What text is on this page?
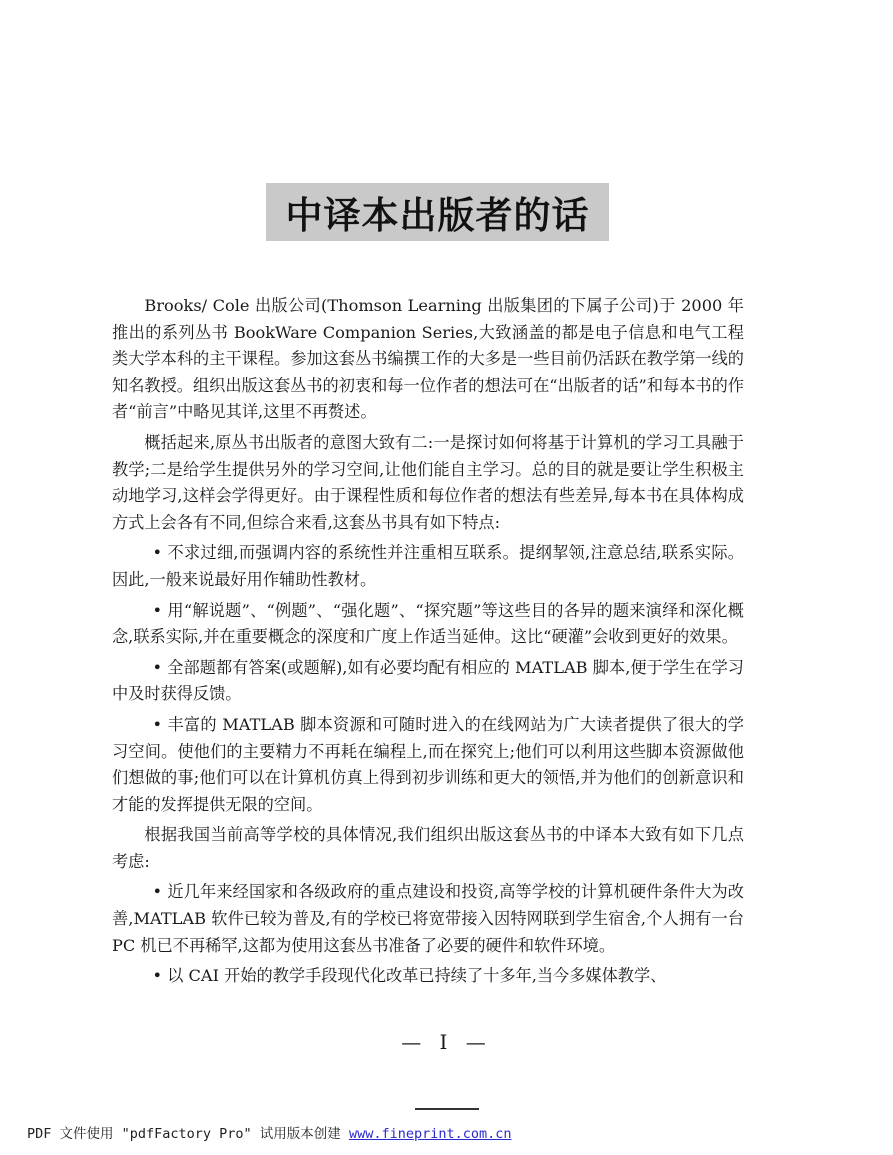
中译本出版者的话

Brooks/ Cole 出版公司(Thomson Learning 出版集团的下属子公司)于 2000 年推出的系列丛书 BookWare Companion Series,大致涵盖的都是电子信息和电气工程类大学本科的主干课程。参加这套丛书编撰工作的大多是一些目前仍活跃在教学第一线的知名教授。组织出版这套丛书的初衷和每一位作者的想法可在“出版者的话”和每本书的作者“前言”中略见其详,这里不再赘述。

概括起来,原丛书出版者的意图大致有二:一是探讨如何将基于计算机的学习工具融于教学;二是给学生提供另外的学习空间,让他们能自主学习。总的目的就是要让学生积极主动地学习,这样会学得更好。由于课程性质和每位作者的想法有些差异,每本书在具体构成方式上会各有不同,但综合来看,这套丛书具有如下特点:

• 不求过细,而强调内容的系统性并注重相互联系。提纲挈领,注意总结,联系实际。因此,一般来说最好用作辅助性教材。

• 用“解说题”、“例题”、“强化题”、“探究题”等这些目的各异的题来演绎和深化概念,联系实际,并在重要概念的深度和广度上作适当延伸。这比“硬灌”会收到更好的效果。

• 全部题都有答案(或题解),如有必要均配有相应的 MATLAB 脚本,便于学生在学习中及时获得反馈。

• 丰富的 MATLAB 脚本资源和可随时进入的在线网站为广大读者提供了很大的学习空间。使他们的主要精力不再耗在编程上,而在探究上;他们可以利用这些脚本资源做他们想做的事;他们可以在计算机仿真上得到初步训练和更大的领悟,并为他们的创新意识和才能的发挥提供无限的空间。

根据我国当前高等学校的具体情况,我们组织出版这套丛书的中译本大致有如下几点考虑:

• 近几年来经国家和各级政府的重点建设和投资,高等学校的计算机硬件条件大为改善,MATLAB 软件已较为普及,有的学校已将宽带接入因特网联到学生宿舍,个人拥有一台 PC 机已不再稀罕,这都为使用这套丛书准备了必要的硬件和软件环境。

• 以 CAI 开始的教学手段现代化改革已持续了十多年,当今多媒体教学、

— I —
PDF 文件使用 "pdfFactory Pro" 试用版本创建 www.fineprint.com.cn
